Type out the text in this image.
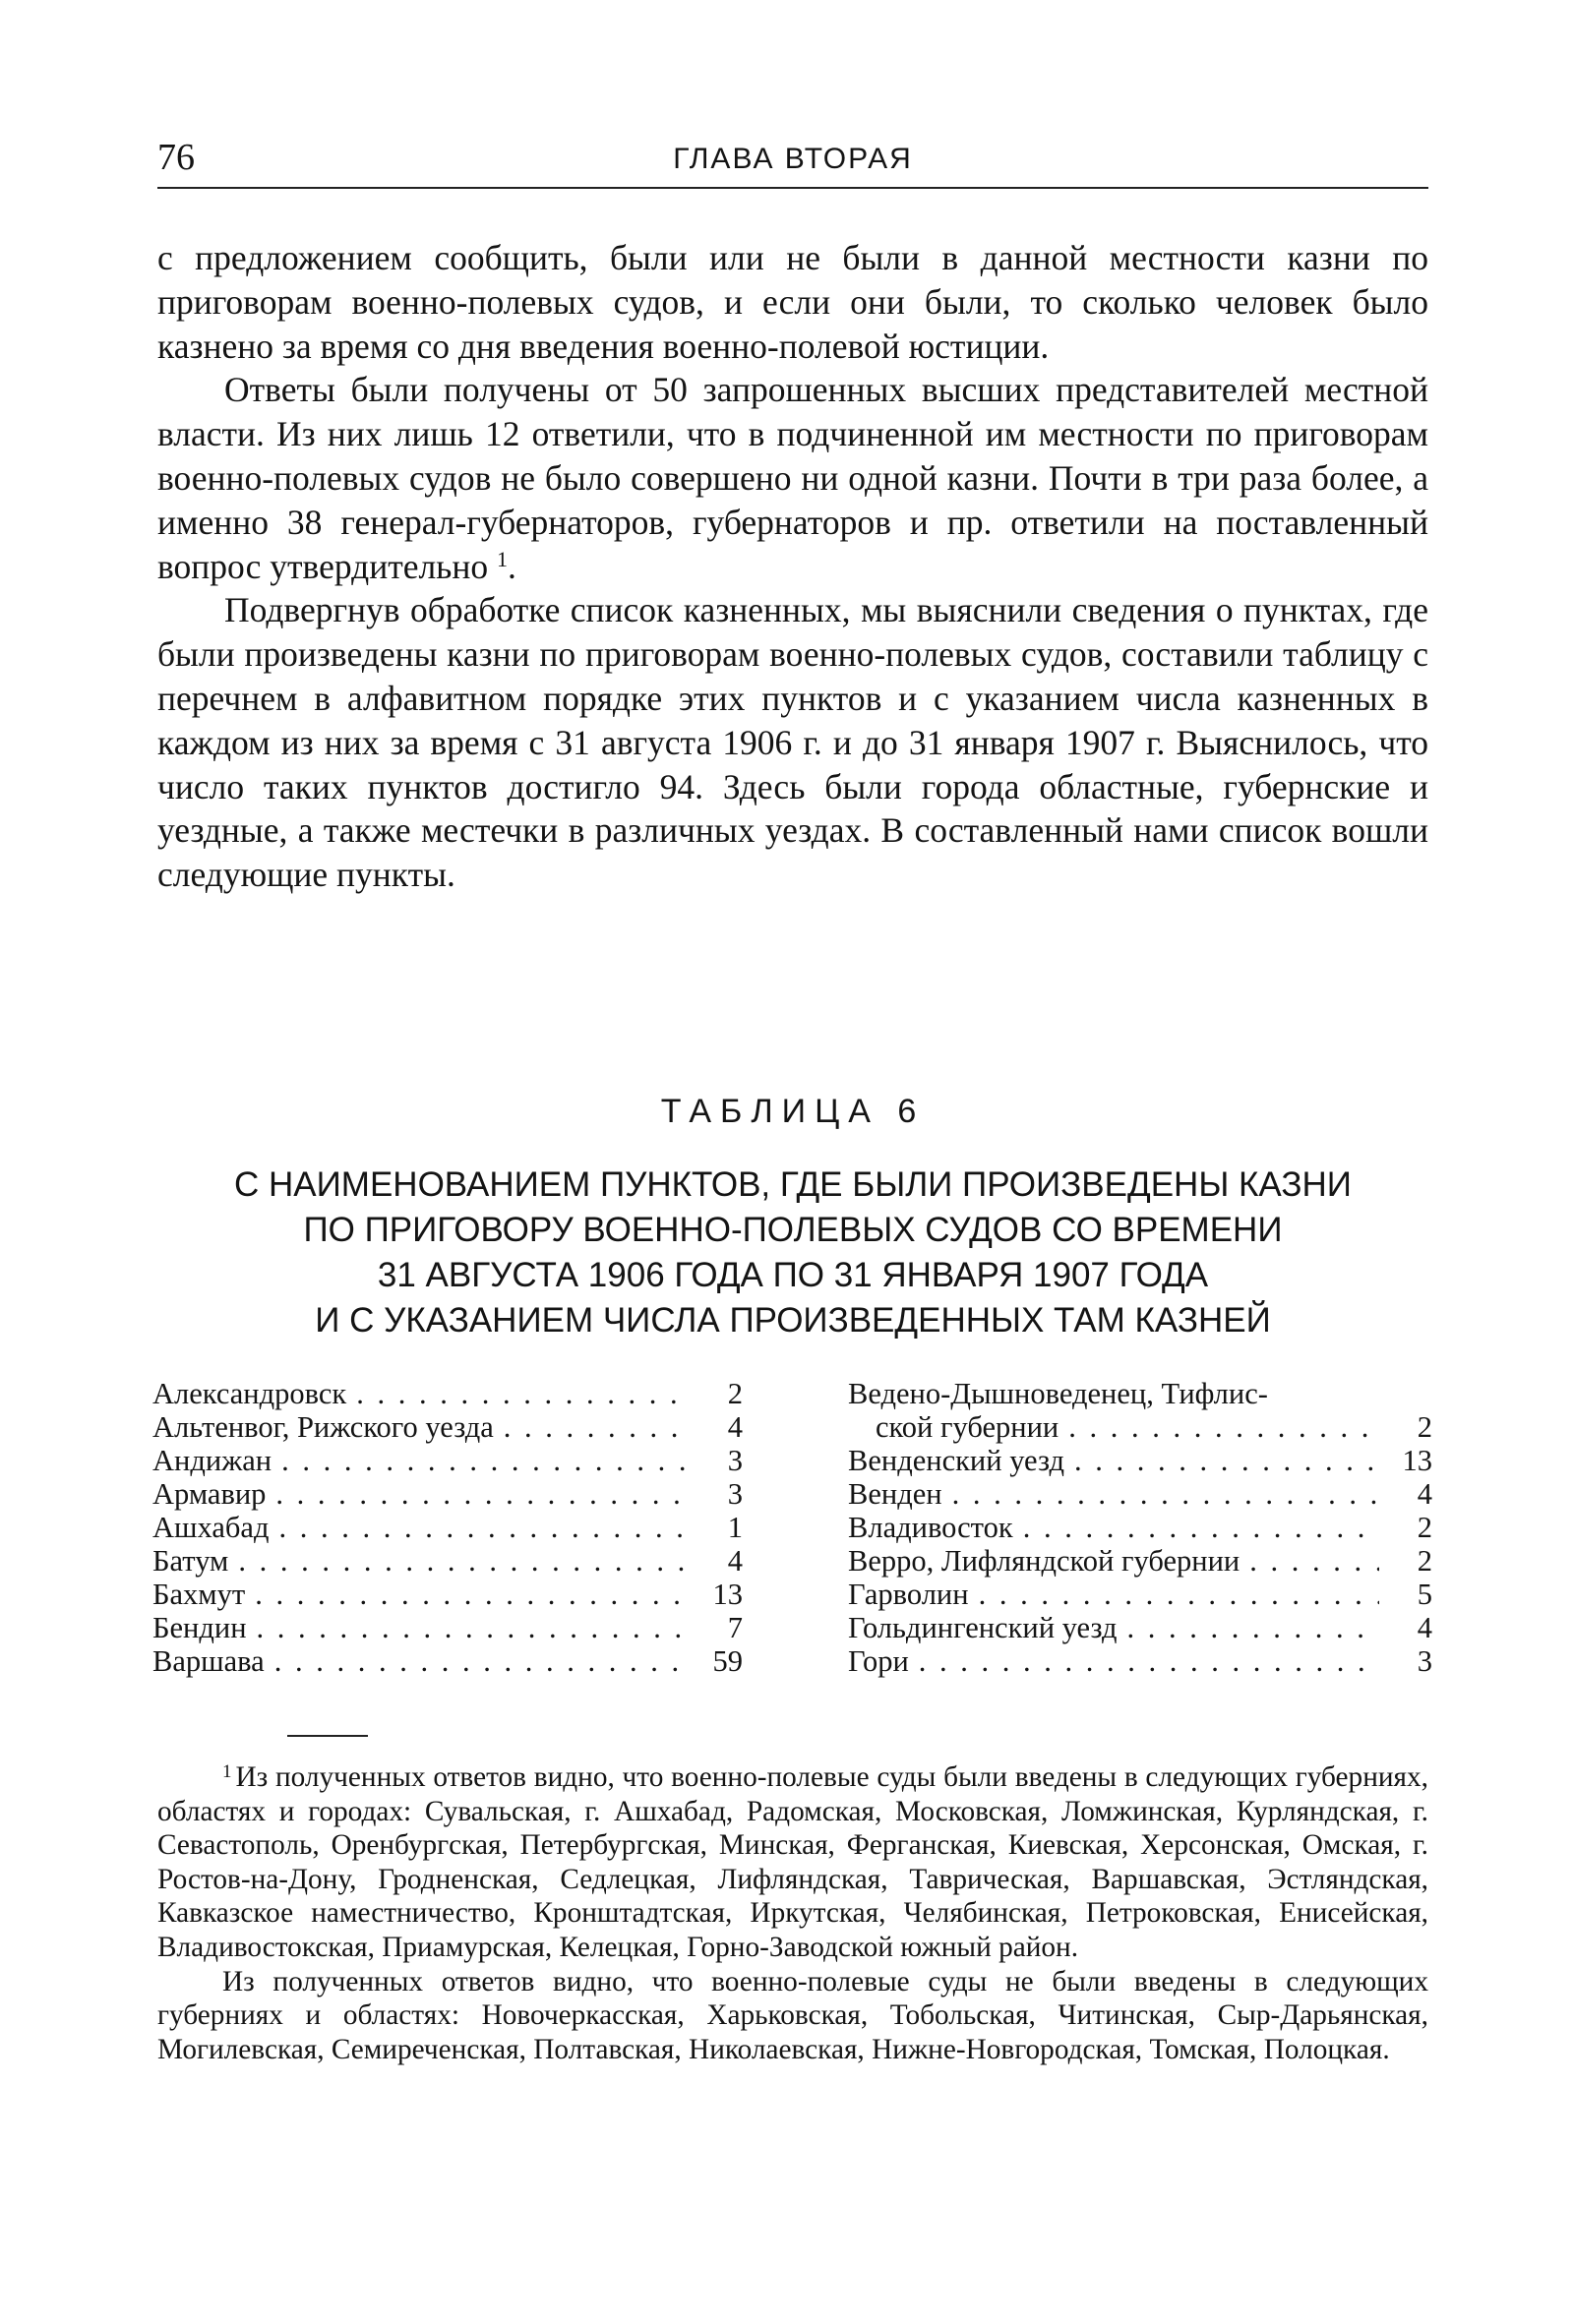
76	ГЛАВА ВТОРАЯ

с предложением сообщить, были или не были в данной местности казни по приговорам военно-полевых судов, и если они были, то сколько человек было казнено за время со дня введения военно-полевой юстиции.

Ответы были получены от 50 запрошенных высших представителей местной власти. Из них лишь 12 ответили, что в подчиненной им местности по приговорам военно-полевых судов не было совершено ни одной казни. Почти в три раза более, а именно 38 генерал-губернаторов, губернаторов и пр. ответили на поставленный вопрос утвердительно $^1$.

Подвергнув обработке список казненных, мы выяснили сведения о пунктах, где были произведены казни по приговорам военно-полевых судов, составили таблицу с перечнем в алфавитном порядке этих пунктов и с указанием числа казненных в каждом из них за время с 31 августа 1906 г. и до 31 января 1907 г. Выяснилось, что число таких пунктов достигло 94. Здесь были города областные, губернские и уездные, а также местечки в различных уездах. В составленный нами список вошли следующие пункты.

ТАБЛИЦА 6
С НАИМЕНОВАНИЕМ ПУНКТОВ, ГДЕ БЫЛИ ПРОИЗВЕДЕНЫ КАЗНИ
ПО ПРИГОВОРУ ВОЕННО-ПОЛЕВЫХ СУДОВ СО ВРЕМЕНИ
31 АВГУСТА 1906 ГОДА ПО 31 ЯНВАРЯ 1907 ГОДА
И С УКАЗАНИЕМ ЧИСЛА ПРОИЗВЕДЕННЫХ ТАМ КАЗНЕЙ
Александровск . . .	2
Альтенвог, Рижского уезда . . .	4
Андижан . . .	3
Армавир . . .	3
Ашхабад . . .	1
Батум . . .	4
Бахмут . . .	13
Бендин . . .	7
Варшава . . .	59
Ведено-Дышноведенец, Тифлис-
ской губернии . . .	2
Венденский уезд . . .	13
Венден . . .	4
Владивосток . . .	2
Верро, Лифляндской губернии . . .	2
Гарволин . . .	5
Гольдингенский уезд . . .	4
Гори . . .	3

$^1$ Из полученных ответов видно, что военно-полевые суды были введены в следующих губерниях, областях и городах: Сувальская, г. Ашхабад, Радомская, Московская, Ломжинская, Курляндская, г. Севастополь, Оренбургская, Петербургская, Минская, Ферганская, Киевская, Херсонская, Омская, г. Ростов-на-Дону, Гродненская, Седлецкая, Лифляндская, Таврическая, Варшавская, Эстляндская, Кавказское наместничество, Кронштадтская, Иркутская, Челябинская, Петроковская, Енисейская, Владивостокская, Приамурская, Келецкая, Горно-Заводской южный район.

Из полученных ответов видно, что военно-полевые суды не были введены в следующих губерниях и областях: Новочеркасская, Харьковская, Тобольская, Читинская, Сыр-Дарьянская, Могилевская, Семиреченская, Полтавская, Николаевская, Нижне-Новгородская, Томская, Полоцкая.
